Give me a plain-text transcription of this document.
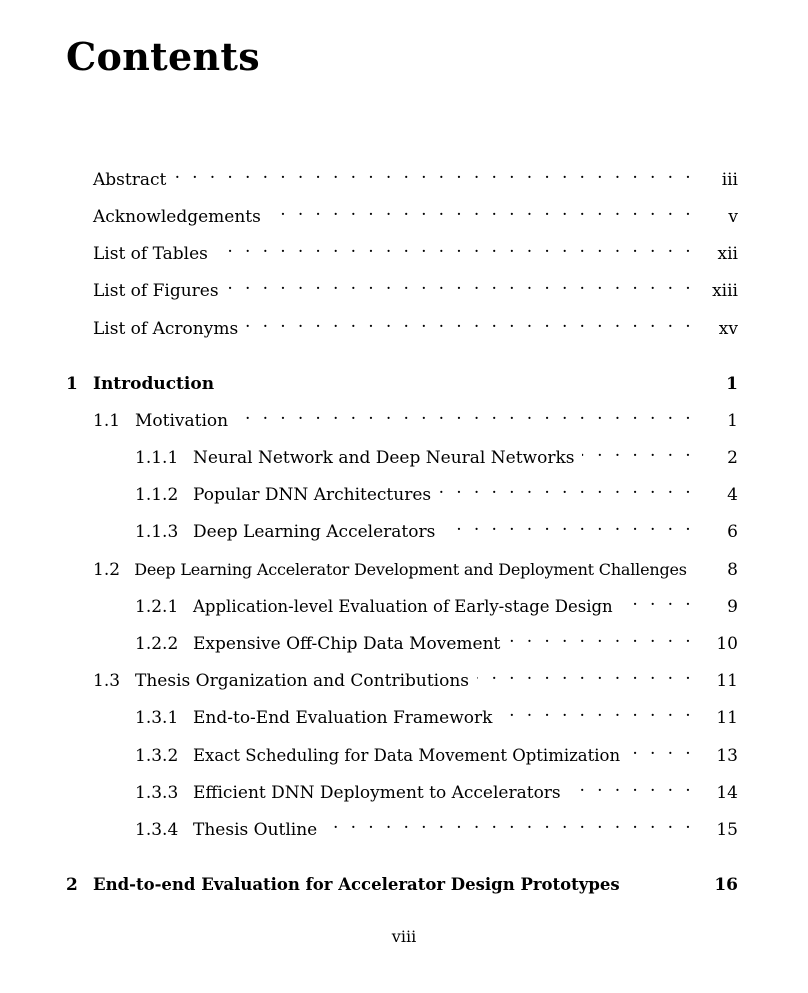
Contents
Abstract . . .	iii
Acknowledgements . . .	v
List of Tables . . .	xii
List of Figures . . .	xiii
List of Acronyms . . .	xv
1 Introduction	1
1.1 Motivation . . .	1
1.1.1 Neural Network and Deep Neural Networks . . .	2
1.1.2 Popular DNN Architectures . . .	4
1.1.3 Deep Learning Accelerators . . .	6
1.2 Deep Learning Accelerator Development and Deployment Challenges	8
1.2.1 Application-level Evaluation of Early-stage Design . . .	9
1.2.2 Expensive Off-Chip Data Movement . . .	10
1.3 Thesis Organization and Contributions . . .	11
1.3.1 End-to-End Evaluation Framework . . .	11
1.3.2 Exact Scheduling for Data Movement Optimization . . .	13
1.3.3 Efficient DNN Deployment to Accelerators . . .	14
1.3.4 Thesis Outline . . .	15
2 End-to-end Evaluation for Accelerator Design Prototypes	16
viii
